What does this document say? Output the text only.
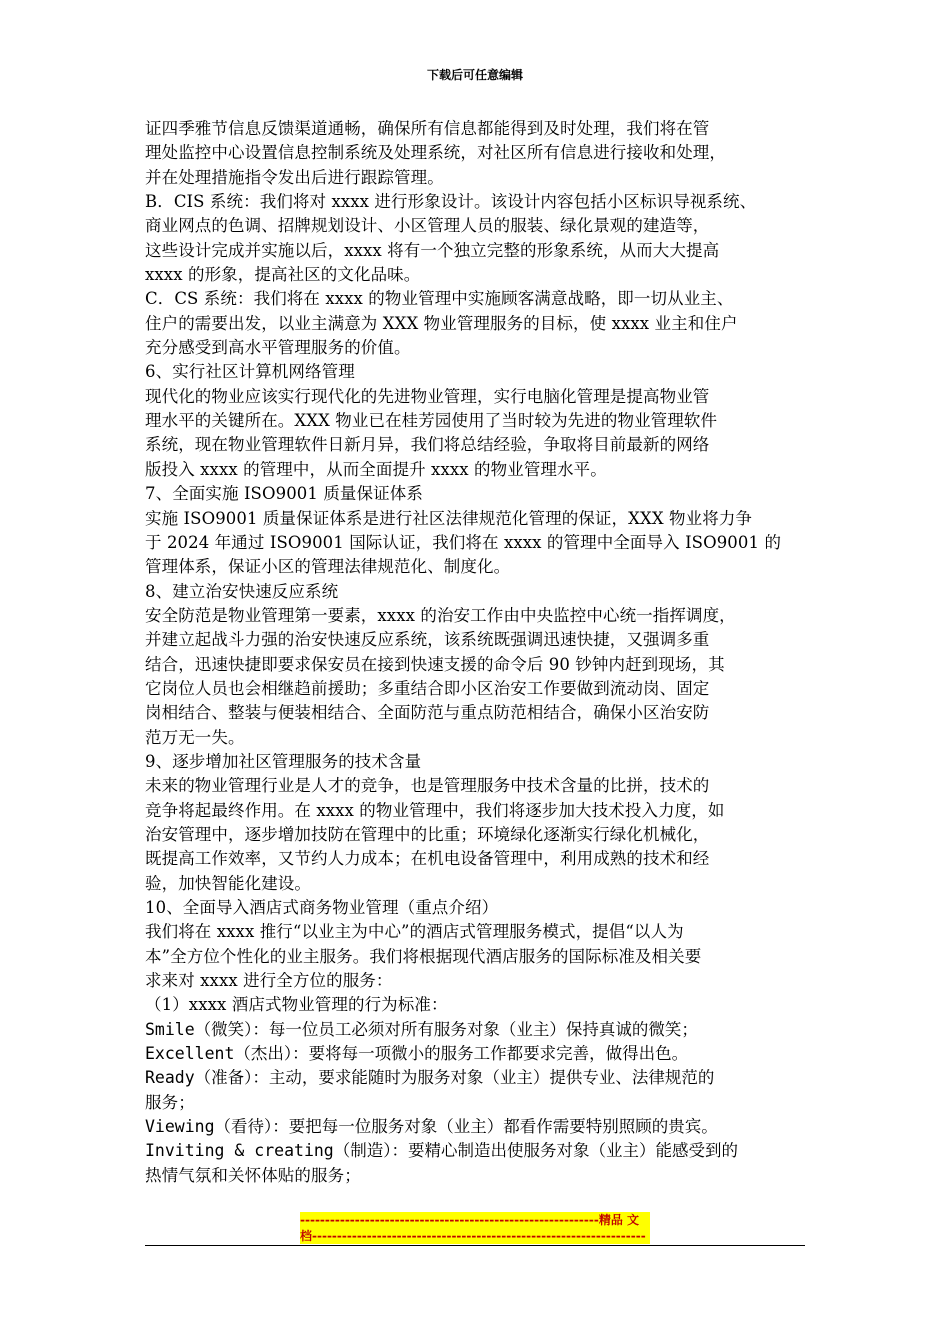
下载后可任意编辑
证四季雅节信息反馈渠道通畅，确保所有信息都能得到及时处理，我们将在管
理处监控中心设置信息控制系统及处理系统，对社区所有信息进行接收和处理，
并在处理措施指令发出后进行跟踪管理。
B．CIS 系统：我们将对 xxxx 进行形象设计。该设计内容包括小区标识导视系统、
商业网点的色调、招牌规划设计、小区管理人员的服装、绿化景观的建造等，
这些设计完成并实施以后，xxxx 将有一个独立完整的形象系统，从而大大提高
xxxx 的形象，提高社区的文化品味。
C．CS 系统：我们将在 xxxx 的物业管理中实施顾客满意战略，即一切从业主、
住户的需要出发，以业主满意为 XXX 物业管理服务的目标，使 xxxx 业主和住户
充分感受到高水平管理服务的价值。
6、实行社区计算机网络管理
现代化的物业应该实行现代化的先进物业管理，实行电脑化管理是提高物业管
理水平的关键所在。XXX 物业已在桂芳园使用了当时较为先进的物业管理软件
系统，现在物业管理软件日新月异，我们将总结经验，争取将目前最新的网络
版投入 xxxx 的管理中，从而全面提升 xxxx 的物业管理水平。
7、全面实施 ISO9001 质量保证体系
实施 ISO9001 质量保证体系是进行社区法律规范化管理的保证，XXX 物业将力争
于 2024 年通过 ISO9001 国际认证，我们将在 xxxx 的管理中全面导入 ISO9001 的
管理体系，保证小区的管理法律规范化、制度化。
8、建立治安快速反应系统
安全防范是物业管理第一要素，xxxx 的治安工作由中央监控中心统一指挥调度，
并建立起战斗力强的治安快速反应系统，该系统既强调迅速快捷，又强调多重
结合，迅速快捷即要求保安员在接到快速支援的命令后 90 钞钟内赶到现场，其
它岗位人员也会相继趋前援助；多重结合即小区治安工作要做到流动岗、固定
岗相结合、整装与便装相结合、全面防范与重点防范相结合，确保小区治安防
范万无一失。
9、逐步增加社区管理服务的技术含量
未来的物业管理行业是人才的竞争，也是管理服务中技术含量的比拼，技术的
竞争将起最终作用。在 xxxx 的物业管理中，我们将逐步加大技术投入力度，如
治安管理中，逐步增加技防在管理中的比重；环境绿化逐渐实行绿化机械化，
既提高工作效率，又节约人力成本；在机电设备管理中，利用成熟的技术和经
验，加快智能化建设。
10、全面导入酒店式商务物业管理（重点介绍）
我们将在 xxxx 推行“以业主为中心”的酒店式管理服务模式，提倡“以人为
本”全方位个性化的业主服务。我们将根据现代酒店服务的国际标准及相关要
求来对 xxxx 进行全方位的服务：
（1）xxxx 酒店式物业管理的行为标准：
Smile（微笑）：每一位员工必须对所有服务对象（业主）保持真诚的微笑；
Excellent（杰出）：要将每一项微小的服务工作都要求完善，做得出色。
Ready（准备）：主动，要求能随时为服务对象（业主）提供专业、法律规范的
服务；
Viewing（看待）：要把每一位服务对象（业主）都看作需要特别照顾的贵宾。
Inviting & creating（制造）：要精心制造出使服务对象（业主）能感受到的
热情气氛和关怀体贴的服务；
------------------------------------------------------------精品 文
档-------------------------------------------------------------------
